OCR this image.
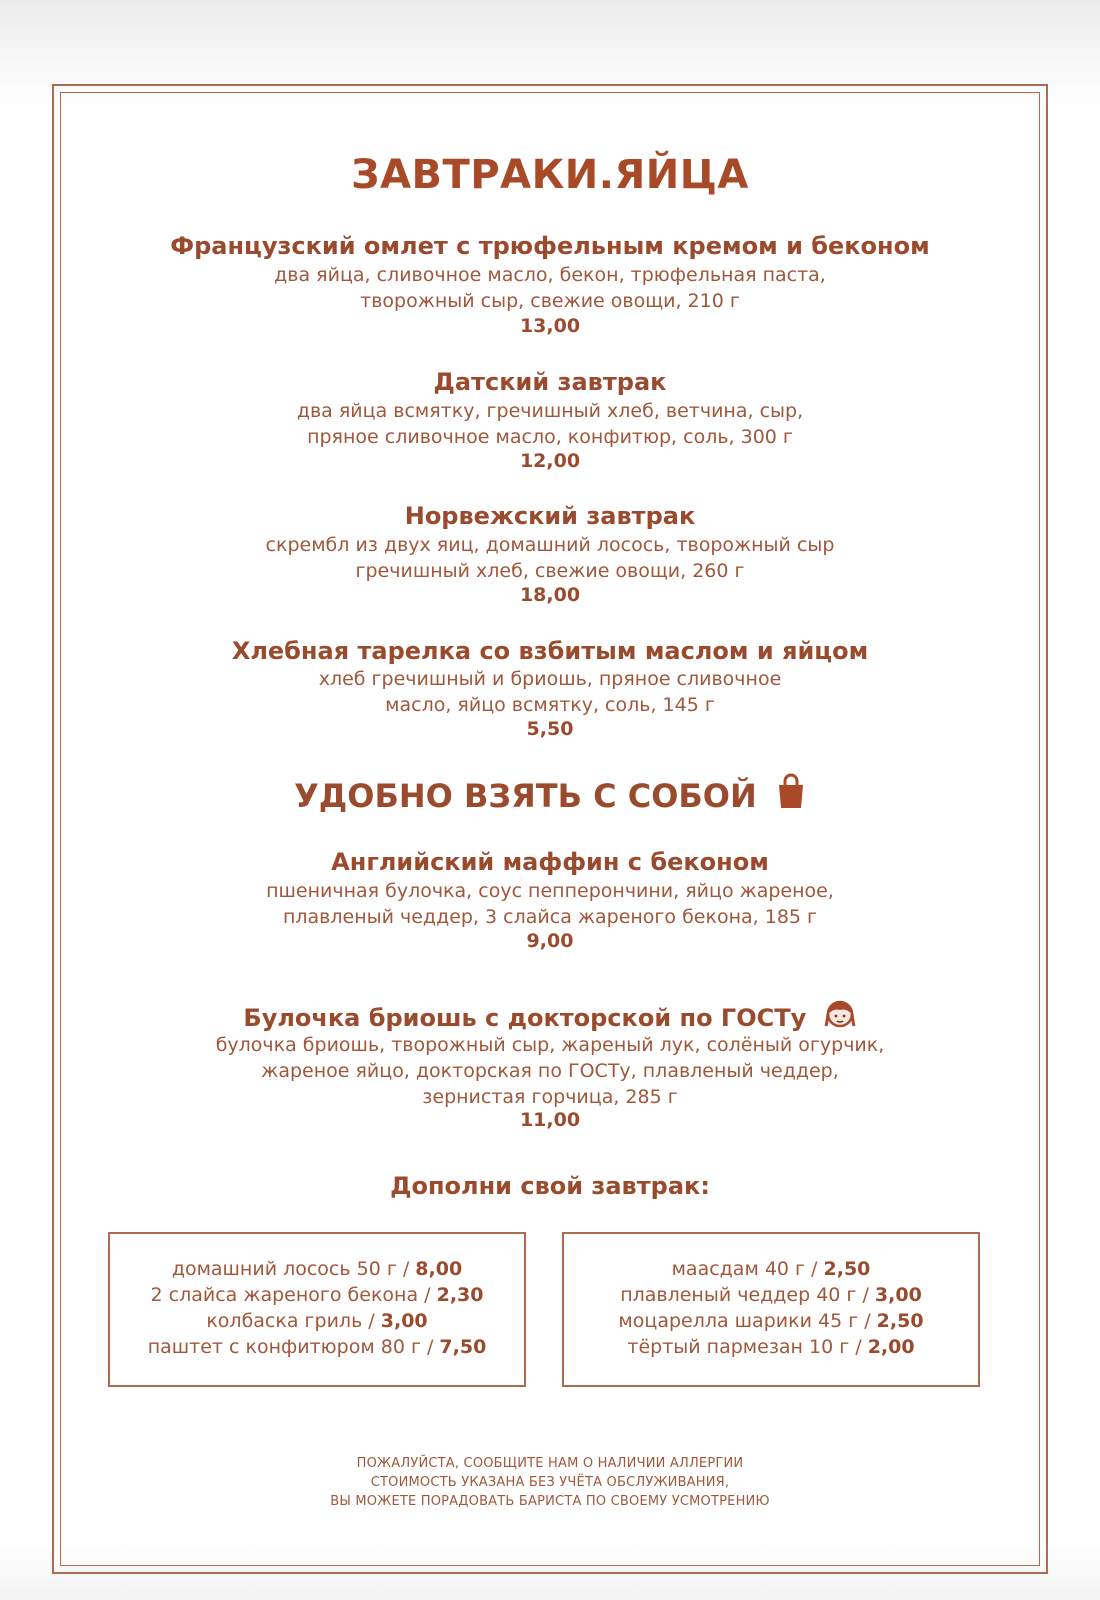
ЗАВТРАКИ.ЯЙЦА
Французский омлет с трюфельным кремом и беконом
два яйца, сливочное масло, бекон, трюфельная паста,
творожный сыр, свежие овощи, 210 г
13,00
Датский завтрак
два яйца всмятку, гречишный хлеб, ветчина, сыр,
пряное сливочное масло, конфитюр, соль, 300 г
12,00
Норвежский завтрак
скрембл из двух яиц, домашний лосось, творожный сыр
гречишный хлеб, свежие овощи, 260 г
18,00
Хлебная тарелка со взбитым маслом и яйцом
хлеб гречишный и бриошь, пряное сливочное
масло, яйцо всмятку, соль, 145 г
5,50
УДОБНО ВЗЯТЬ С СОБОЙ
Английский маффин с беконом
пшеничная булочка, соус пепперончини, яйцо жареное,
плавленый чеддер, 3 слайса жареного бекона, 185 г
9,00
Булочка бриошь с докторской по ГОСТу
булочка бриошь, творожный сыр, жареный лук, солёный огурчик,
жареное яйцо, докторская по ГОСТу, плавленый чеддер,
зернистая горчица, 285 г
11,00
Дополни свой завтрак:
домашний лосось 50 г / 8,00
2 слайса жареного бекона / 2,30
колбаска гриль / 3,00
паштет с конфитюром 80 г / 7,50
маасдам 40 г / 2,50
плавленый чеддер 40 г / 3,00
моцарелла шарики 45 г / 2,50
тёртый пармезан 10 г / 2,00
ПОЖАЛУЙСТА, СООБЩИТЕ НАМ О НАЛИЧИИ АЛЛЕРГИИ
СТОИМОСТЬ УКАЗАНА БЕЗ УЧЁТА ОБСЛУЖИВАНИЯ,
ВЫ МОЖЕТЕ ПОРАДОВАТЬ БАРИСТА ПО СВОЕМУ УСМОТРЕНИЮ
